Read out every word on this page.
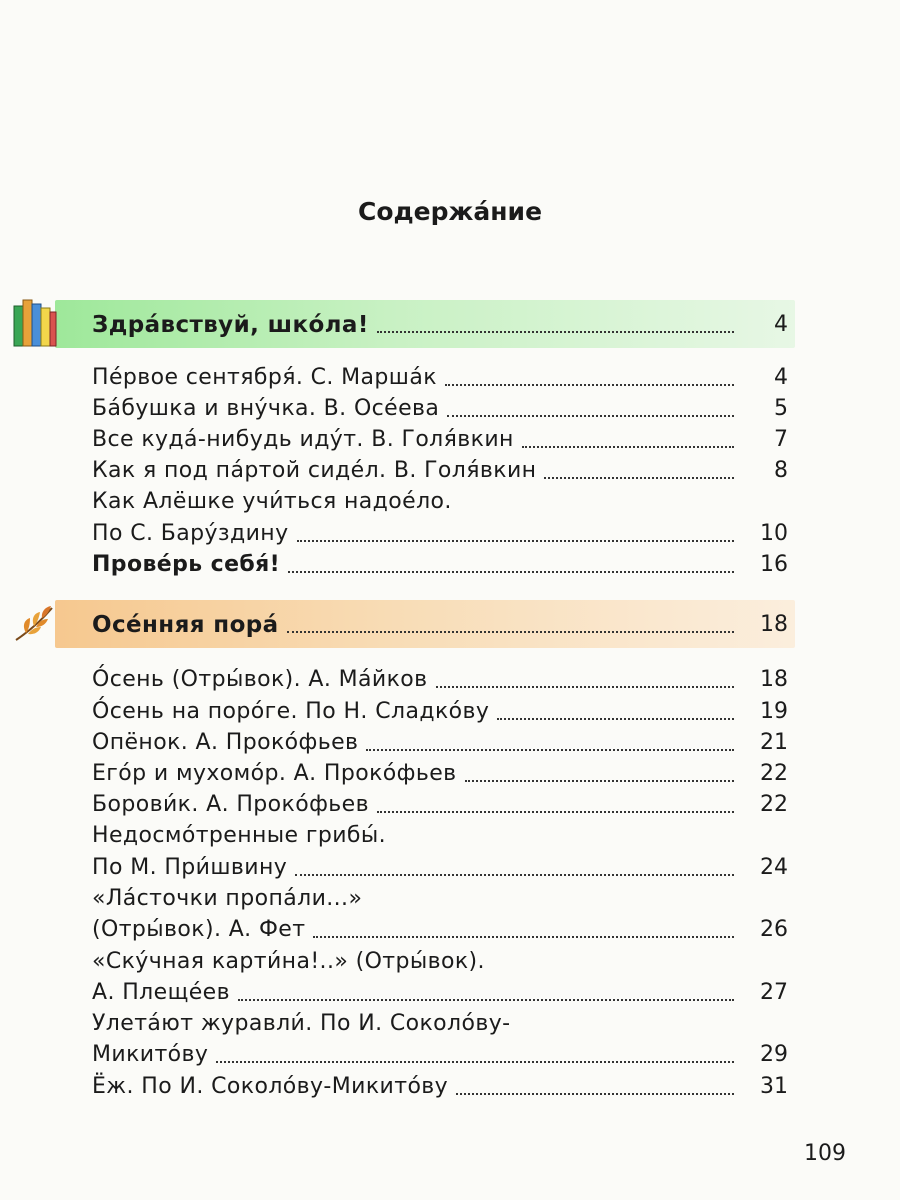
Содержа́ние
Здра́вствуй, шко́ла!	4
Пе́рвое сентября́. С. Марша́к	4
Ба́бушка и вну́чка. В. Осе́ева	5
Все куда́-нибудь иду́т. В. Голя́вкин	7
Как я под па́ртой сиде́л. В. Голя́вкин	8
Как Алёшке учи́ться надое́ло.
По С. Бару́здину	10
Прове́рь себя́!	16
Осе́нняя пора́	18
О́сень (Отры́вок). А. Ма́йков	18
О́сень на поро́ге. По Н. Сладко́ву	19
Опёнок. А. Проко́фьев	21
Его́р и мухомо́р. А. Проко́фьев	22
Борови́к. А. Проко́фьев	22
Недосмо́тренные грибы́.
По М. При́швину	24
«Ла́сточки пропа́ли...»
(Отры́вок). А. Фет	26
«Ску́чная карти́на!..» (Отры́вок).
А. Плеще́ев	27
Улета́ют журавли́. По И. Соколо́ву-
Микито́ву	29
Ёж. По И. Соколо́ву-Микито́ву	31
109
